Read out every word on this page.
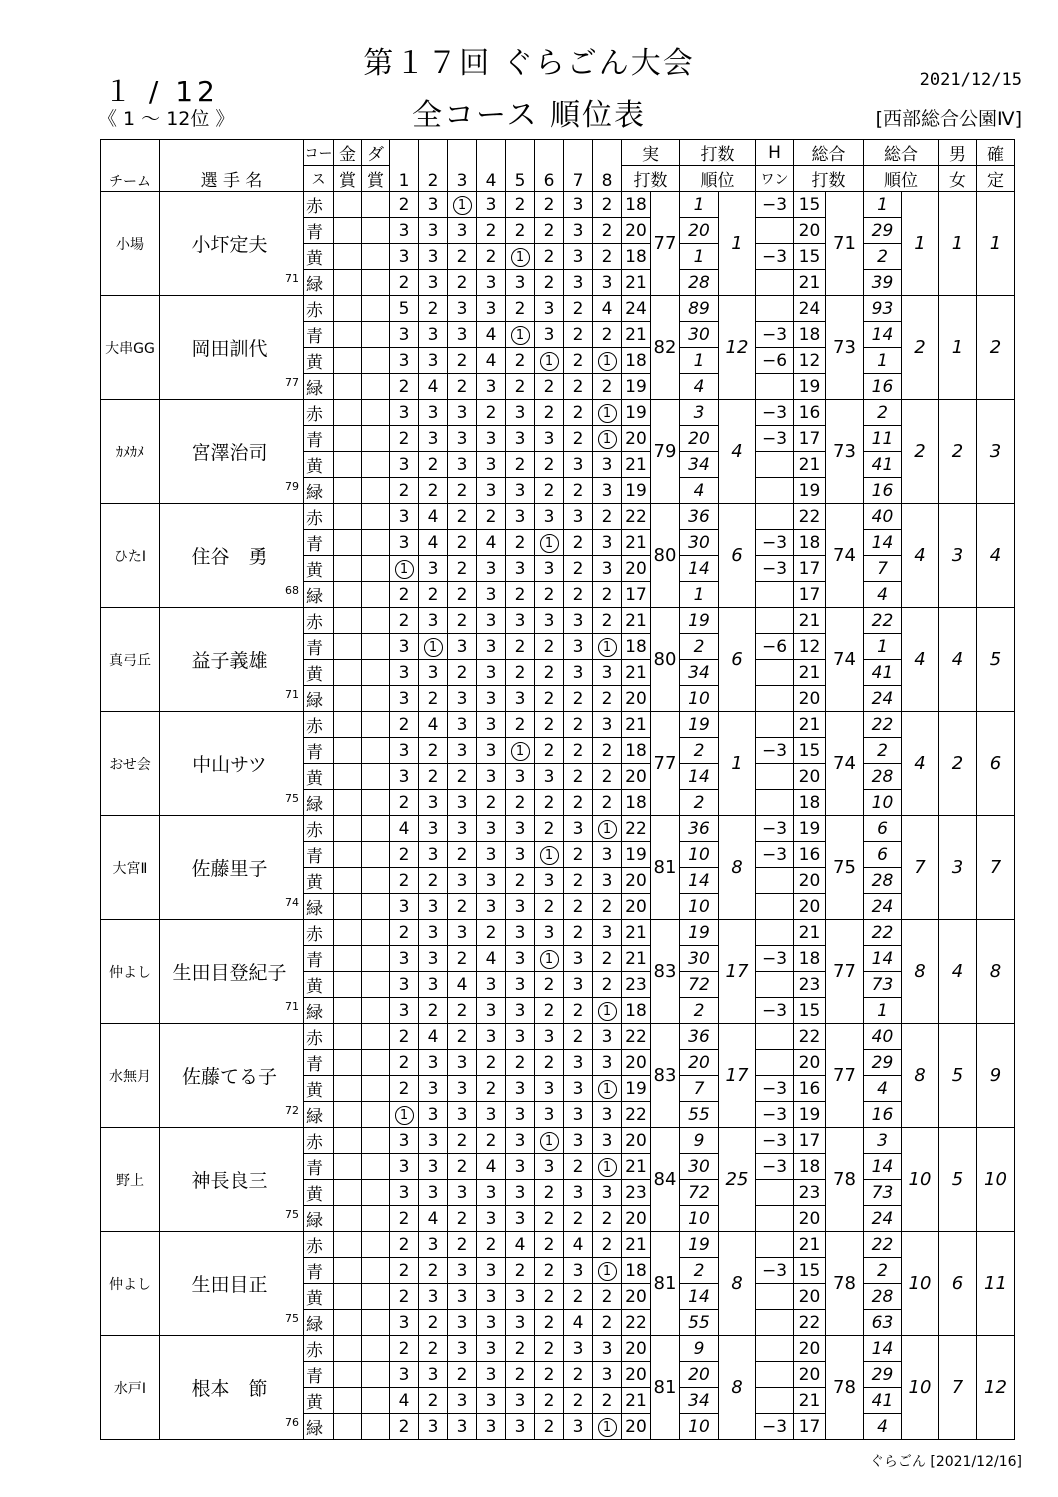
第１７回 ぐらごん大会
全コース 順位表
１ / 12
《 1 ～ 12位 》
2021/12/15
[西部総合公園Ⅳ]
チーム	選 手 名	コー	金	ダ	1	2	3	4	5	6	7	8	実		打数		H	総合		総合		男	確
		ス	賞	賞									打数		順位		ワン	打数		順位		女	定
小場	小圷定夫
71	赤			2	3	1	3	2	2	3	2	18	77	1	1	−3	15	71	1	1	1	1
		青			3	3	3	2	2	2	3	2	20		20			20		29			
		黄			3	3	2	2	1	2	3	2	18		1		−3	15		2			
		緑			2	3	2	3	3	2	3	3	21		28			21		39			
大串GG	岡田訓代
77	赤			5	2	3	3	2	3	2	4	24	82	89	12		24	73	93	2	1	2
		青			3	3	3	4	1	3	2	2	21		30		−3	18		14			
		黄			3	3	2	4	2	1	2	1	18		1		−6	12		1			
		緑			2	4	2	3	2	2	2	2	19		4			19		16			
ｶﾒｶﾒ	宮澤治司
79	赤			3	3	3	2	3	2	2	1	19	79	3	4	−3	16	73	2	2	2	3
		青			2	3	3	3	3	3	2	1	20		20		−3	17		11			
		黄			3	2	3	3	2	2	3	3	21		34			21		41			
		緑			2	2	2	3	3	2	2	3	19		4			19		16			
ひたⅠ	住谷　勇
68	赤			3	4	2	2	3	3	3	2	22	80	36	6		22	74	40	4	3	4
		青			3	4	2	4	2	1	2	3	21		30		−3	18		14			
		黄			1	3	2	3	3	3	2	3	20		14		−3	17		7			
		緑			2	2	2	3	2	2	2	2	17		1			17		4			
真弓丘	益子義雄
71	赤			2	3	2	3	3	3	3	2	21	80	19	6		21	74	22	4	4	5
		青			3	1	3	3	2	2	3	1	18		2		−6	12		1			
		黄			3	3	2	3	2	2	3	3	21		34			21		41			
		緑			3	2	3	3	3	2	2	2	20		10			20		24			
おせ会	中山サツ
75	赤			2	4	3	3	2	2	2	3	21	77	19	1		21	74	22	4	2	6
		青			3	2	3	3	1	2	2	2	18		2		−3	15		2			
		黄			3	2	2	3	3	3	2	2	20		14			20		28			
		緑			2	3	3	2	2	2	2	2	18		2			18		10			
大宮Ⅱ	佐藤里子
74	赤			4	3	3	3	3	2	3	1	22	81	36	8	−3	19	75	6	7	3	7
		青			2	3	2	3	3	1	2	3	19		10		−3	16		6			
		黄			2	2	3	3	2	3	2	3	20		14			20		28			
		緑			3	3	2	3	3	2	2	2	20		10			20		24			
仲よし	生田目登紀子
71	赤			2	3	3	2	3	3	2	3	21	83	19	17		21	77	22	8	4	8
		青			3	3	2	4	3	1	3	2	21		30		−3	18		14			
		黄			3	3	4	3	3	2	3	2	23		72			23		73			
		緑			3	2	2	3	3	2	2	1	18		2		−3	15		1			
水無月	佐藤てる子
72	赤			2	4	2	3	3	3	2	3	22	83	36	17		22	77	40	8	5	9
		青			2	3	3	2	2	2	3	3	20		20			20		29			
		黄			2	3	3	2	3	3	3	1	19		7		−3	16		4			
		緑			1	3	3	3	3	3	3	3	22		55		−3	19		16			
野上	神長良三
75	赤			3	3	2	2	3	1	3	3	20	84	9	25	−3	17	78	3	10	5	10
		青			3	3	2	4	3	3	2	1	21		30		−3	18		14			
		黄			3	3	3	3	3	2	3	3	23		72			23		73			
		緑			2	4	2	3	3	2	2	2	20		10			20		24			
仲よし	生田目正
75	赤			2	3	2	2	4	2	4	2	21	81	19	8		21	78	22	10	6	11
		青			2	2	3	3	2	2	3	1	18		2		−3	15		2			
		黄			2	3	3	3	3	2	2	2	20		14			20		28			
		緑			3	2	3	3	3	2	4	2	22		55			22		63			
水戸Ⅰ	根本　節
76	赤			2	2	3	3	2	2	3	3	20	81	9	8		20	78	14	10	7	12
		青			3	3	2	3	2	2	2	3	20		20			20		29			
		黄			4	2	3	3	3	2	2	2	21		34			21		41			
		緑			2	3	3	3	3	2	3	1	20		10		−3	17		4			
ぐらごん [2021/12/16]
